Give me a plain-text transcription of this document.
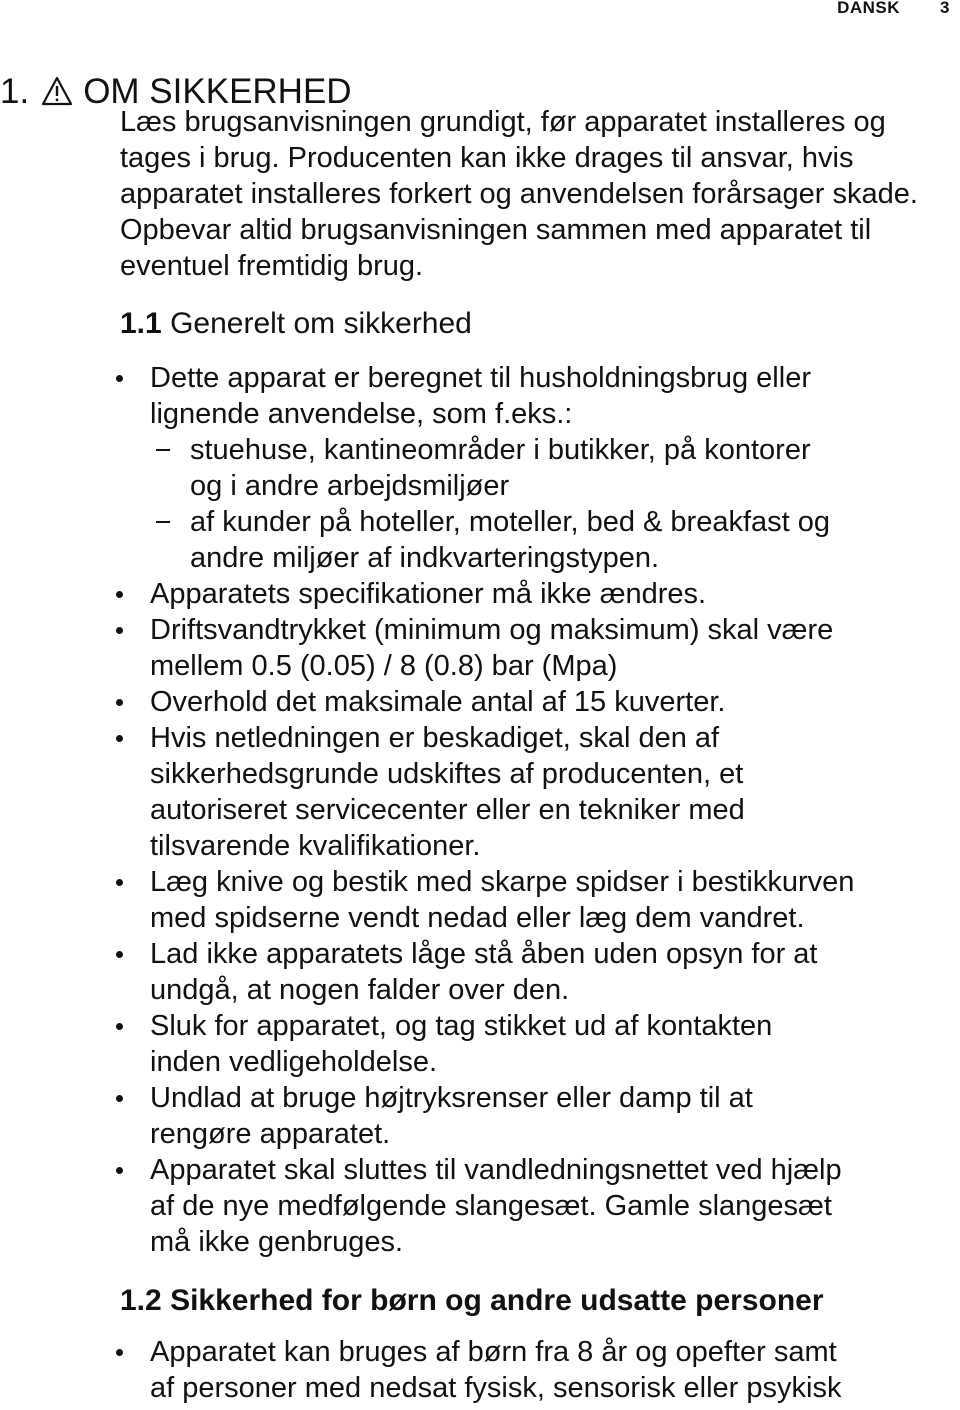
DANSK 3
1. OM SIKKERHED

Læs brugsanvisningen grundigt, før apparatet installeres og tages i brug. Producenten kan ikke drages til ansvar, hvis apparatet installeres forkert og anvendelsen forårsager skade. Opbevar altid brugsanvisningen sammen med apparatet til eventuel fremtidig brug.

1.1 Generelt om sikkerhed
Dette apparat er beregnet til husholdningsbrug eller
lignende anvendelse, som f.eks.:
stuehuse, kantineområder i butikker, på kontorer
og i andre arbejdsmiljøer
af kunder på hoteller, moteller, bed & breakfast og
andre miljøer af indkvarteringstypen.
Apparatets specifikationer må ikke ændres.
Driftsvandtrykket (minimum og maksimum) skal være
mellem 0.5 (0.05) / 8 (0.8) bar (Mpa)
Overhold det maksimale antal af 15 kuverter.
Hvis netledningen er beskadiget, skal den af
sikkerhedsgrunde udskiftes af producenten, et
autoriseret servicecenter eller en tekniker med
tilsvarende kvalifikationer.
Læg knive og bestik med skarpe spidser i bestikkurven
med spidserne vendt nedad eller læg dem vandret.
Lad ikke apparatets låge stå åben uden opsyn for at
undgå, at nogen falder over den.
Sluk for apparatet, og tag stikket ud af kontakten
inden vedligeholdelse.
Undlad at bruge højtryksrenser eller damp til at
rengøre apparatet.
Apparatet skal sluttes til vandledningsnettet ved hjælp
af de nye medfølgende slangesæt. Gamle slangesæt
må ikke genbruges.
1.2 Sikkerhed for børn og andre udsatte personer
Apparatet kan bruges af børn fra 8 år og opefter samt
af personer med nedsat fysisk, sensorisk eller psykisk
